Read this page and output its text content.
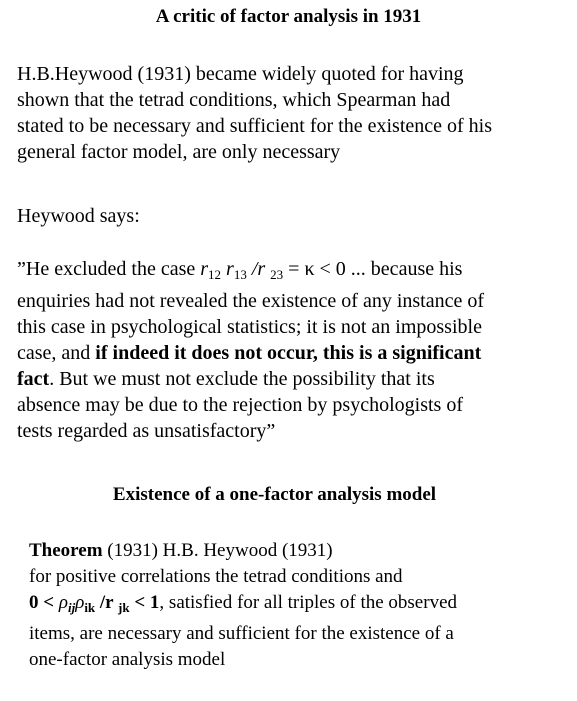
A critic of factor analysis in 1931
H.B.Heywood (1931) became widely quoted for having
shown that the tetrad conditions, which Spearman had
stated to be necessary and sufficient for the existence of his
general factor model, are only necessary
Heywood says:
”He excluded the case $r_{12}$ $r_{13}$ /r $_{23}$ = κ < 0 ... because his
enquiries had not revealed the existence of any instance of
this case in psychological statistics; it is not an impossible
case, and if indeed it does not occur, this is a significant
fact. But we must not exclude the possibility that its
absence may be due to the rejection by psychologists of
tests regarded as unsatisfactory”
Existence of a one-factor analysis model
Theorem (1931) H.B. Heywood (1931)
for positive correlations the tetrad conditions and
$0 < \rho_{ij}\rho_{ik}$ /r $_{jk}$ < 1, satisfied for all triples of the observed
items, are necessary and sufficient for the existence of a
one-factor analysis model
